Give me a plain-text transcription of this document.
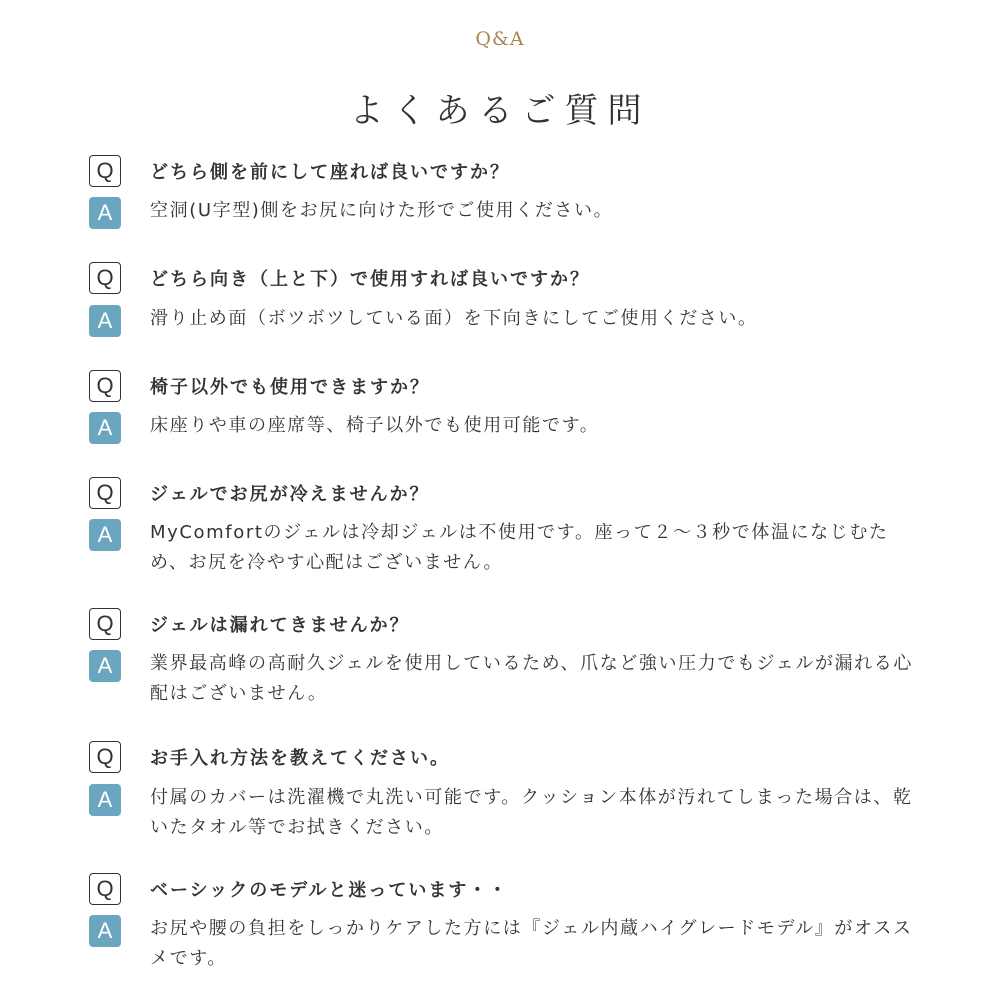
Q&A
よくあるご質問
Q	どちら側を前にして座れば良いですか？
A	空洞(U字型)側をお尻に向けた形でご使用ください。
Q	どちら向き（上と下）で使用すれば良いですか？
A	滑り止め面（ボツボツしている面）を下向きにしてご使用ください。
Q	椅子以外でも使用できますか？
A	床座りや車の座席等、椅子以外でも使用可能です。
Q	ジェルでお尻が冷えませんか？
A	MyComfortのジェルは冷却ジェルは不使用です。座って２〜３秒で体温になじむため、お尻を冷やす心配はございません。
Q	ジェルは漏れてきませんか？
A	業界最高峰の高耐久ジェルを使用しているため、爪など強い圧力でもジェルが漏れる心配はございません。
Q	お手入れ方法を教えてください。
A	付属のカバーは洗濯機で丸洗い可能です。クッション本体が汚れてしまった場合は、乾いたタオル等でお拭きください。
Q	ベーシックのモデルと迷っています・・
A	お尻や腰の負担をしっかりケアした方には『ジェル内蔵ハイグレードモデル』がオススメです。
